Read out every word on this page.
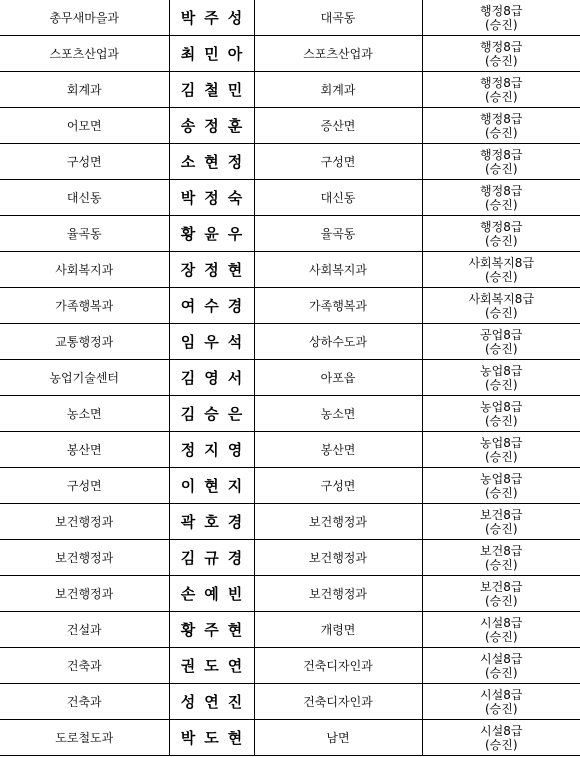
총무새마을과	박주성	대곡동	행정8급
(승진)

스포츠산업과	최민아	스포츠산업과	행정8급
(승진)

회계과	김철민	회계과	행정8급
(승진)

어모면	송정훈	증산면	행정8급
(승진)

구성면	소현정	구성면	행정8급
(승진)

대신동	박정숙	대신동	행정8급
(승진)

율곡동	황윤우	율곡동	행정8급
(승진)

사회복지과	장정현	사회복지과	사회복지8급
(승진)

가족행복과	여수경	가족행복과	사회복지8급
(승진)

교통행정과	임우석	상하수도과	공업8급
(승진)

농업기술센터	김영서	아포읍	농업8급
(승진)

농소면	김승은	농소면	농업8급
(승진)

봉산면	정지영	봉산면	농업8급
(승진)

구성면	이현지	구성면	농업8급
(승진)

보건행정과	곽호경	보건행정과	보건8급
(승진)

보건행정과	김규경	보건행정과	보건8급
(승진)

보건행정과	손예빈	보건행정과	보건8급
(승진)

건설과	황주현	개령면	시설8급
(승진)

건축과	권도연	건축디자인과	시설8급
(승진)

건축과	성연진	건축디자인과	시설8급
(승진)

도로철도과	박도현	남면	시설8급
(승진)
